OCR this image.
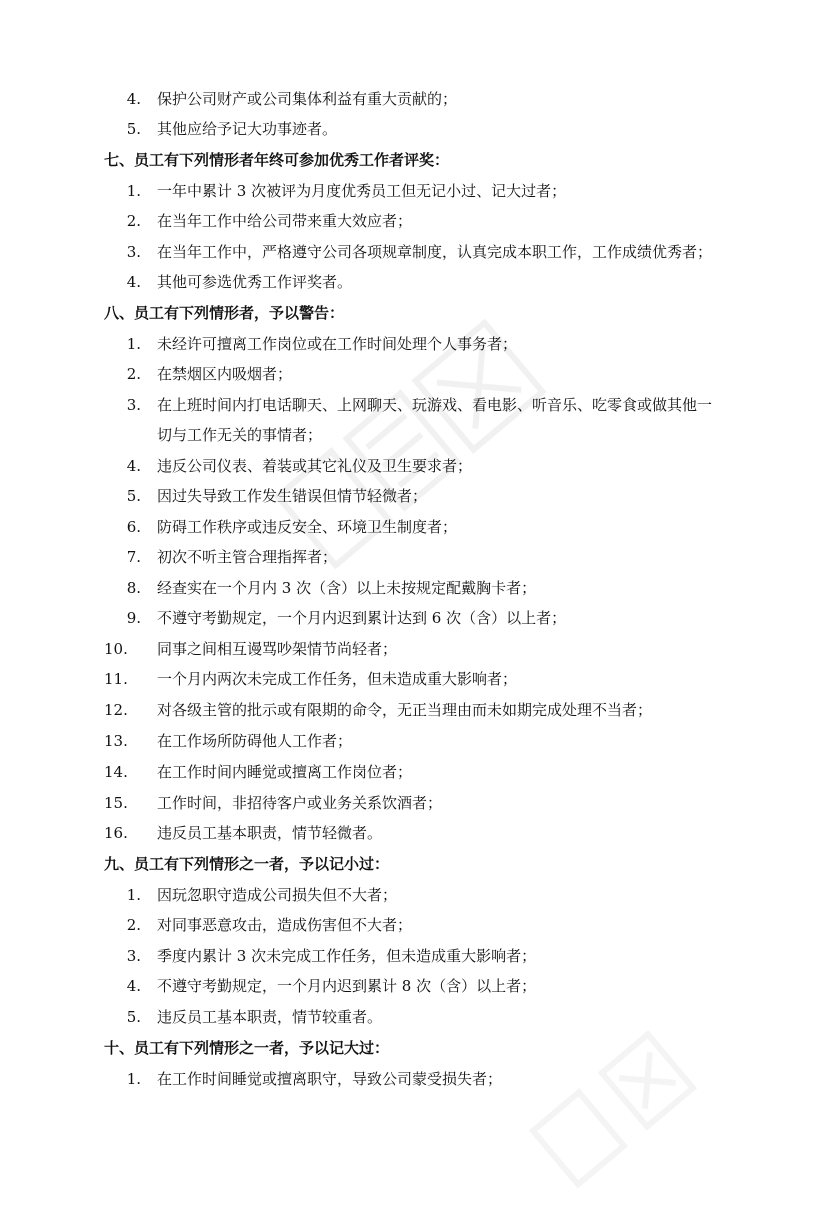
4. 保护公司财产或公司集体利益有重大贡献的；
5. 其他应给予记大功事迹者。
七、员工有下列情形者年终可参加优秀工作者评奖：
1. 一年中累计 3 次被评为月度优秀员工但无记小过、记大过者；
2. 在当年工作中给公司带来重大效应者；
3. 在当年工作中，严格遵守公司各项规章制度，认真完成本职工作，工作成绩优秀者；
4. 其他可参选优秀工作评奖者。
八、员工有下列情形者，予以警告：
1. 未经许可擅离工作岗位或在工作时间处理个人事务者；
2. 在禁烟区内吸烟者；
3. 在上班时间内打电话聊天、上网聊天、玩游戏、看电影、听音乐、吃零食或做其他一
切与工作无关的事情者；
4. 违反公司仪表、着装或其它礼仪及卫生要求者；
5. 因过失导致工作发生错误但情节轻微者；
6. 防碍工作秩序或违反安全、环境卫生制度者；
7. 初次不听主管合理指挥者；
8. 经查实在一个月内 3 次（含）以上未按规定配戴胸卡者；
9. 不遵守考勤规定，一个月内迟到累计达到 6 次（含）以上者；
10. 同事之间相互谩骂吵架情节尚轻者；
11. 一个月内两次未完成工作任务，但未造成重大影响者；
12. 对各级主管的批示或有限期的命令，无正当理由而未如期完成处理不当者；
13. 在工作场所防碍他人工作者；
14. 在工作时间内睡觉或擅离工作岗位者；
15. 工作时间，非招待客户或业务关系饮酒者；
16. 违反员工基本职责，情节轻微者。
九、员工有下列情形之一者，予以记小过：
1. 因玩忽职守造成公司损失但不大者；
2. 对同事恶意攻击，造成伤害但不大者；
3. 季度内累计 3 次未完成工作任务，但未造成重大影响者；
4. 不遵守考勤规定，一个月内迟到累计 8 次（含）以上者；
5. 违反员工基本职责，情节较重者。
十、员工有下列情形之一者，予以记大过：
1. 在工作时间睡觉或擅离职守，导致公司蒙受损失者；
